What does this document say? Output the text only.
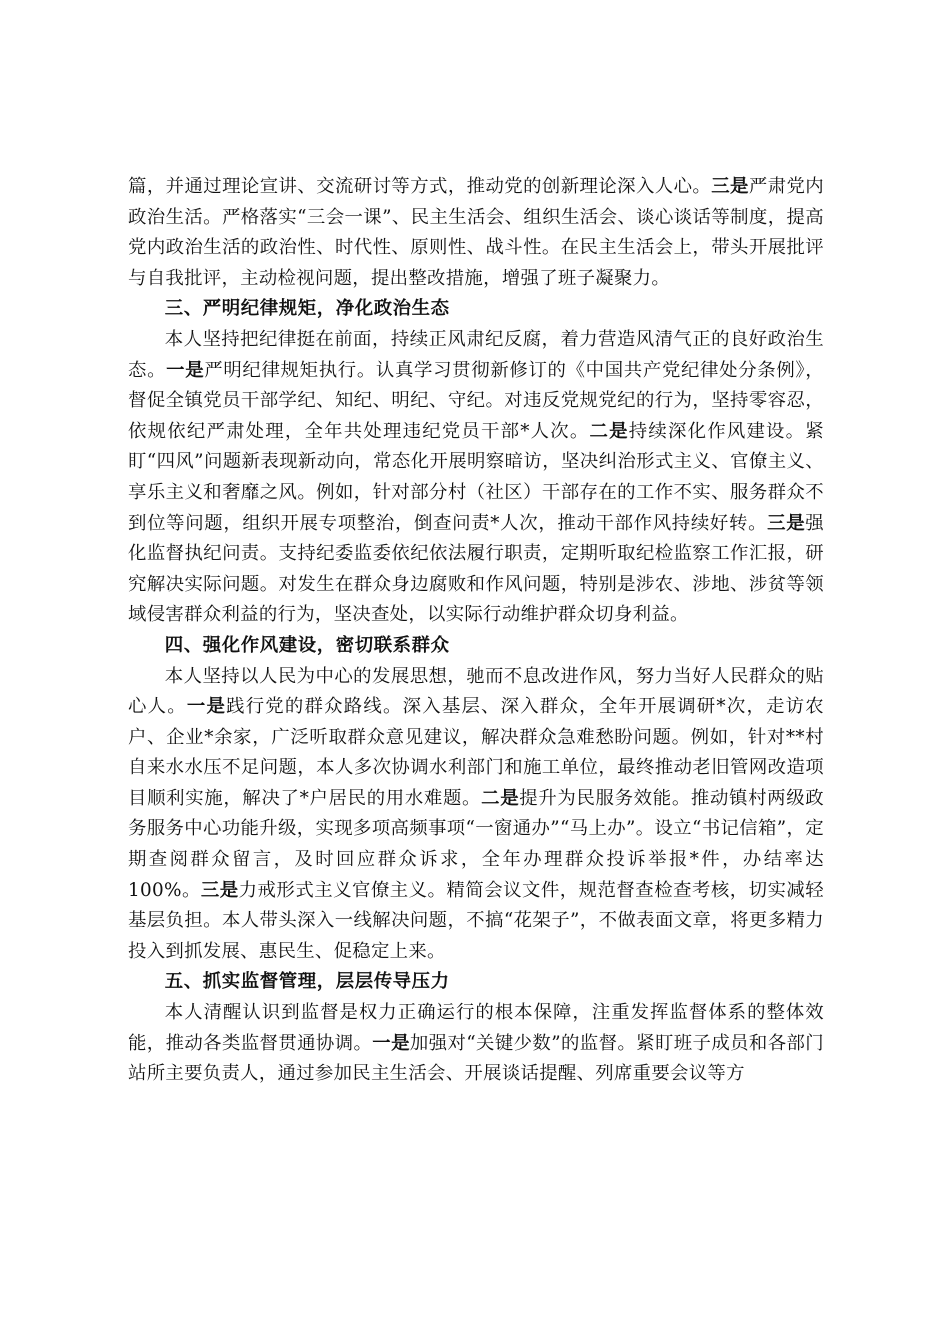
篇，并通过理论宣讲、交流研讨等方式，推动党的创新理论深入人心。三是严肃党内政治生活。严格落实“三会一课”、民主生活会、组织生活会、谈心谈话等制度，提高党内政治生活的政治性、时代性、原则性、战斗性。在民主生活会上，带头开展批评与自我批评，主动检视问题，提出整改措施，增强了班子凝聚力。

三、严明纪律规矩，净化政治生态

本人坚持把纪律挺在前面，持续正风肃纪反腐，着力营造风清气正的良好政治生态。一是严明纪律规矩执行。认真学习贯彻新修订的《中国共产党纪律处分条例》，督促全镇党员干部学纪、知纪、明纪、守纪。对违反党规党纪的行为，坚持零容忍，依规依纪严肃处理，全年共处理违纪党员干部*人次。二是持续深化作风建设。紧盯“四风”问题新表现新动向，常态化开展明察暗访，坚决纠治形式主义、官僚主义、享乐主义和奢靡之风。例如，针对部分村（社区）干部存在的工作不实、服务群众不到位等问题，组织开展专项整治，倒查问责*人次，推动干部作风持续好转。三是强化监督执纪问责。支持纪委监委依纪依法履行职责，定期听取纪检监察工作汇报，研究解决实际问题。对发生在群众身边腐败和作风问题，特别是涉农、涉地、涉贫等领域侵害群众利益的行为，坚决查处，以实际行动维护群众切身利益。

四、强化作风建设，密切联系群众

本人坚持以人民为中心的发展思想，驰而不息改进作风，努力当好人民群众的贴心人。一是践行党的群众路线。深入基层、深入群众，全年开展调研*次，走访农户、企业*余家，广泛听取群众意见建议，解决群众急难愁盼问题。例如，针对**村自来水水压不足问题，本人多次协调水利部门和施工单位，最终推动老旧管网改造项目顺利实施，解决了*户居民的用水难题。二是提升为民服务效能。推动镇村两级政务服务中心功能升级，实现多项高频事项“一窗通办”“马上办”。设立“书记信箱”，定期查阅群众留言，及时回应群众诉求，全年办理群众投诉举报*件，办结率达 100%。三是力戒形式主义官僚主义。精简会议文件，规范督查检查考核，切实减轻基层负担。本人带头深入一线解决问题，不搞“花架子”，不做表面文章，将更多精力投入到抓发展、惠民生、促稳定上来。

五、抓实监督管理，层层传导压力

本人清醒认识到监督是权力正确运行的根本保障，注重发挥监督体系的整体效能，推动各类监督贯通协调。一是加强对“关键少数”的监督。紧盯班子成员和各部门站所主要负责人，通过参加民主生活会、开展谈话提醒、列席重要会议等方
